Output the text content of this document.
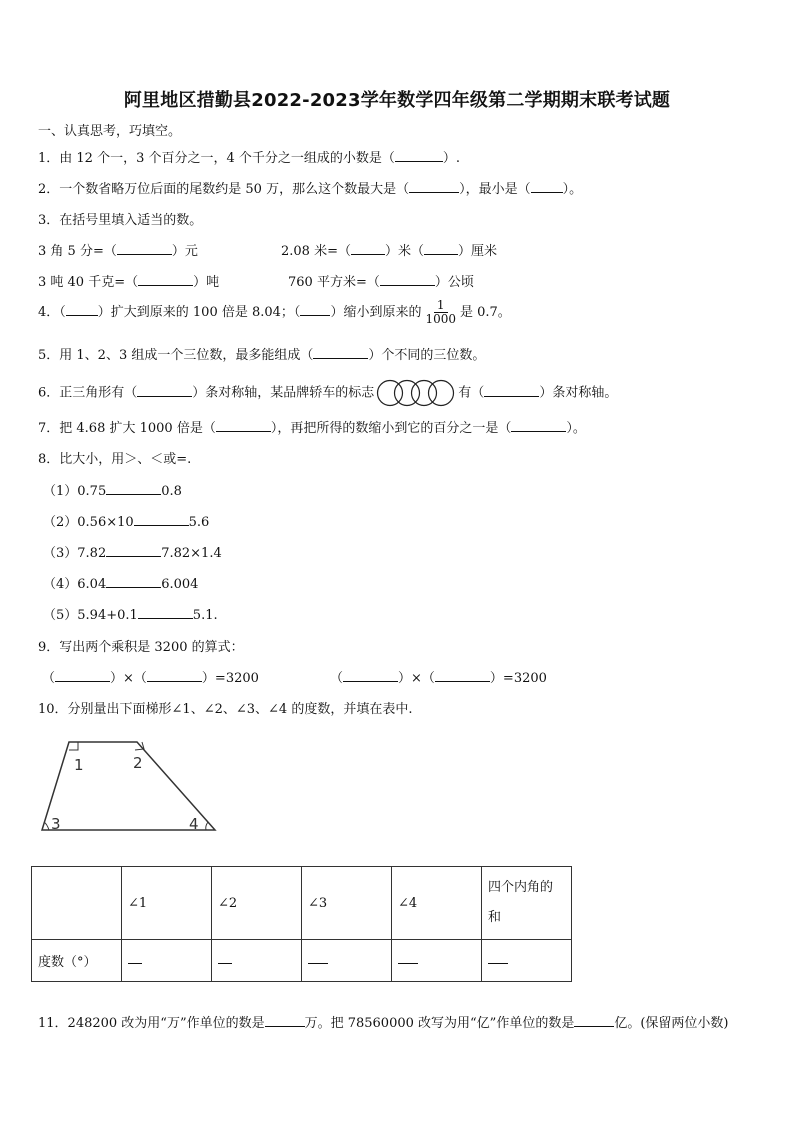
阿里地区措勤县2022-2023学年数学四年级第二学期期末联考试题
一、认真思考，巧填空。
1．由 12 个一，3 个百分之一，4 个千分之一组成的小数是（	）.
2．一个数省略万位后面的尾数约是 50 万，那么这个数最大是（	），最小是（ ）。
3．在括号里填入适当的数。
3 角 5 分=（	）元	2.08 米=（	）米（	）厘米
3 吨 40 千克=（	）吨	760 平方米=（	）公顷
4．（ ）扩大到原来的 100 倍是 8.04；（ ）缩小到原来的 $\frac{1}{1000}$ 是 0.7。
5．用 1、2、3 组成一个三位数，最多能组成（	）个不同的三位数。
6．正三角形有（	）条对称轴，某品牌轿车的标志	有（	）条对称轴。
7．把 4.68 扩大 1000 倍是（	），再把所得的数缩小到它的百分之一是（	）。
8．比大小，用＞、＜或=.
（1）0.75	0.8
（2）0.56×10	5.6
（3）7.82	7.82×1.4
（4）6.04	6.004
（5）5.94+0.1	5.1.
9．写出两个乘积是 3200 的算式：
（	）×（	）=3200	（	）×（	）=3200
10．分别量出下面梯形∠1、∠2、∠3、∠4 的度数，并填在表中.
1	2
3	4
	∠1	∠2	∠3	∠4	四个内角的和
度数（°）					
11．248200 改为用“万”作单位的数是	万。把 78560000 改写为用“亿”作单位的数是	亿。(保留两位小数)
